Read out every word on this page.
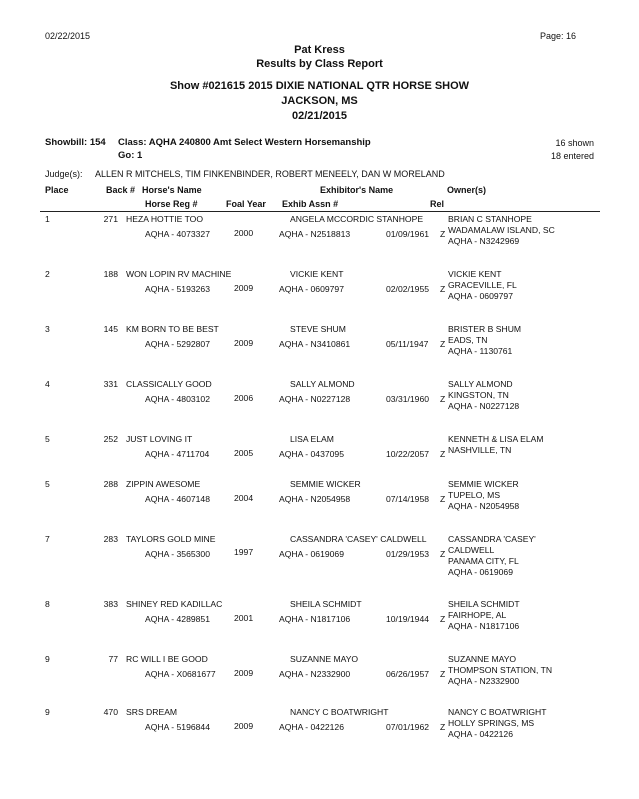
02/22/2015	Page: 16
Pat Kress
Results by Class Report
Show #021615 2015 DIXIE NATIONAL QTR HORSE SHOW
JACKSON, MS
02/21/2015
Showbill: 154 Class: AQHA 240800 Amt Select Western Horsemanship
Go: 1
16 shown
18 entered
Judge(s): ALLEN R MITCHELS, TIM FINKENBINDER, ROBERT MENEELY, DAN W MORELAND
Place	Back # Horse's Name
Horse Reg #	Foal Year
Exhibitor's Name
Exhib Assn #	Rel
Owner(s)
1	271 HEZA HOTTIE TOO
AQHA - 4073327	2000
ANGELA MCCORDIC STANHOPE
AQHA - N2518813	01/09/1961 Z
BRIAN C STANHOPE
WADAMALAW ISLAND, SC
AQHA - N3242969
2	188 WON LOPIN RV MACHINE
AQHA - 5193263	2009
VICKIE KENT
AQHA - 0609797	02/02/1955 Z
VICKIE KENT
GRACEVILLE, FL
AQHA - 0609797
3	145 KM BORN TO BE BEST
AQHA - 5292807	2009
STEVE SHUM
AQHA - N3410861	05/11/1947 Z
BRISTER B SHUM
EADS, TN
AQHA - 1130761
4	331 CLASSICALLY GOOD
AQHA - 4803102	2006
SALLY ALMOND
AQHA - N0227128	03/31/1960 Z
SALLY ALMOND
KINGSTON, TN
AQHA - N0227128
5	252 JUST LOVING IT
AQHA - 4711704	2005
LISA ELAM
AQHA - 0437095	10/22/2057 Z
KENNETH & LISA ELAM
NASHVILLE, TN
5	288 ZIPPIN AWESOME
AQHA - 4607148	2004
SEMMIE WICKER
AQHA - N2054958	07/14/1958 Z
SEMMIE WICKER
TUPELO, MS
AQHA - N2054958
7	283 TAYLORS GOLD MINE
AQHA - 3565300	1997
CASSANDRA 'CASEY' CALDWELL
AQHA - 0619069	01/29/1953 Z
CASSANDRA 'CASEY'
CALDWELL
PANAMA CITY, FL
AQHA - 0619069
8	383 SHINEY RED KADILLAC
AQHA - 4289851	2001
SHEILA SCHMIDT
AQHA - N1817106	10/19/1944 Z
SHEILA SCHMIDT
FAIRHOPE, AL
AQHA - N1817106
9	77 RC WILL I BE GOOD
AQHA - X0681677 2009
SUZANNE MAYO
AQHA - N2332900	06/26/1957 Z
SUZANNE MAYO
THOMPSON STATION, TN
AQHA - N2332900
9	470 SRS DREAM
AQHA - 5196844	2009
NANCY C BOATWRIGHT
AQHA - 0422126	07/01/1962 Z
NANCY C BOATWRIGHT
HOLLY SPRINGS, MS
AQHA - 0422126
